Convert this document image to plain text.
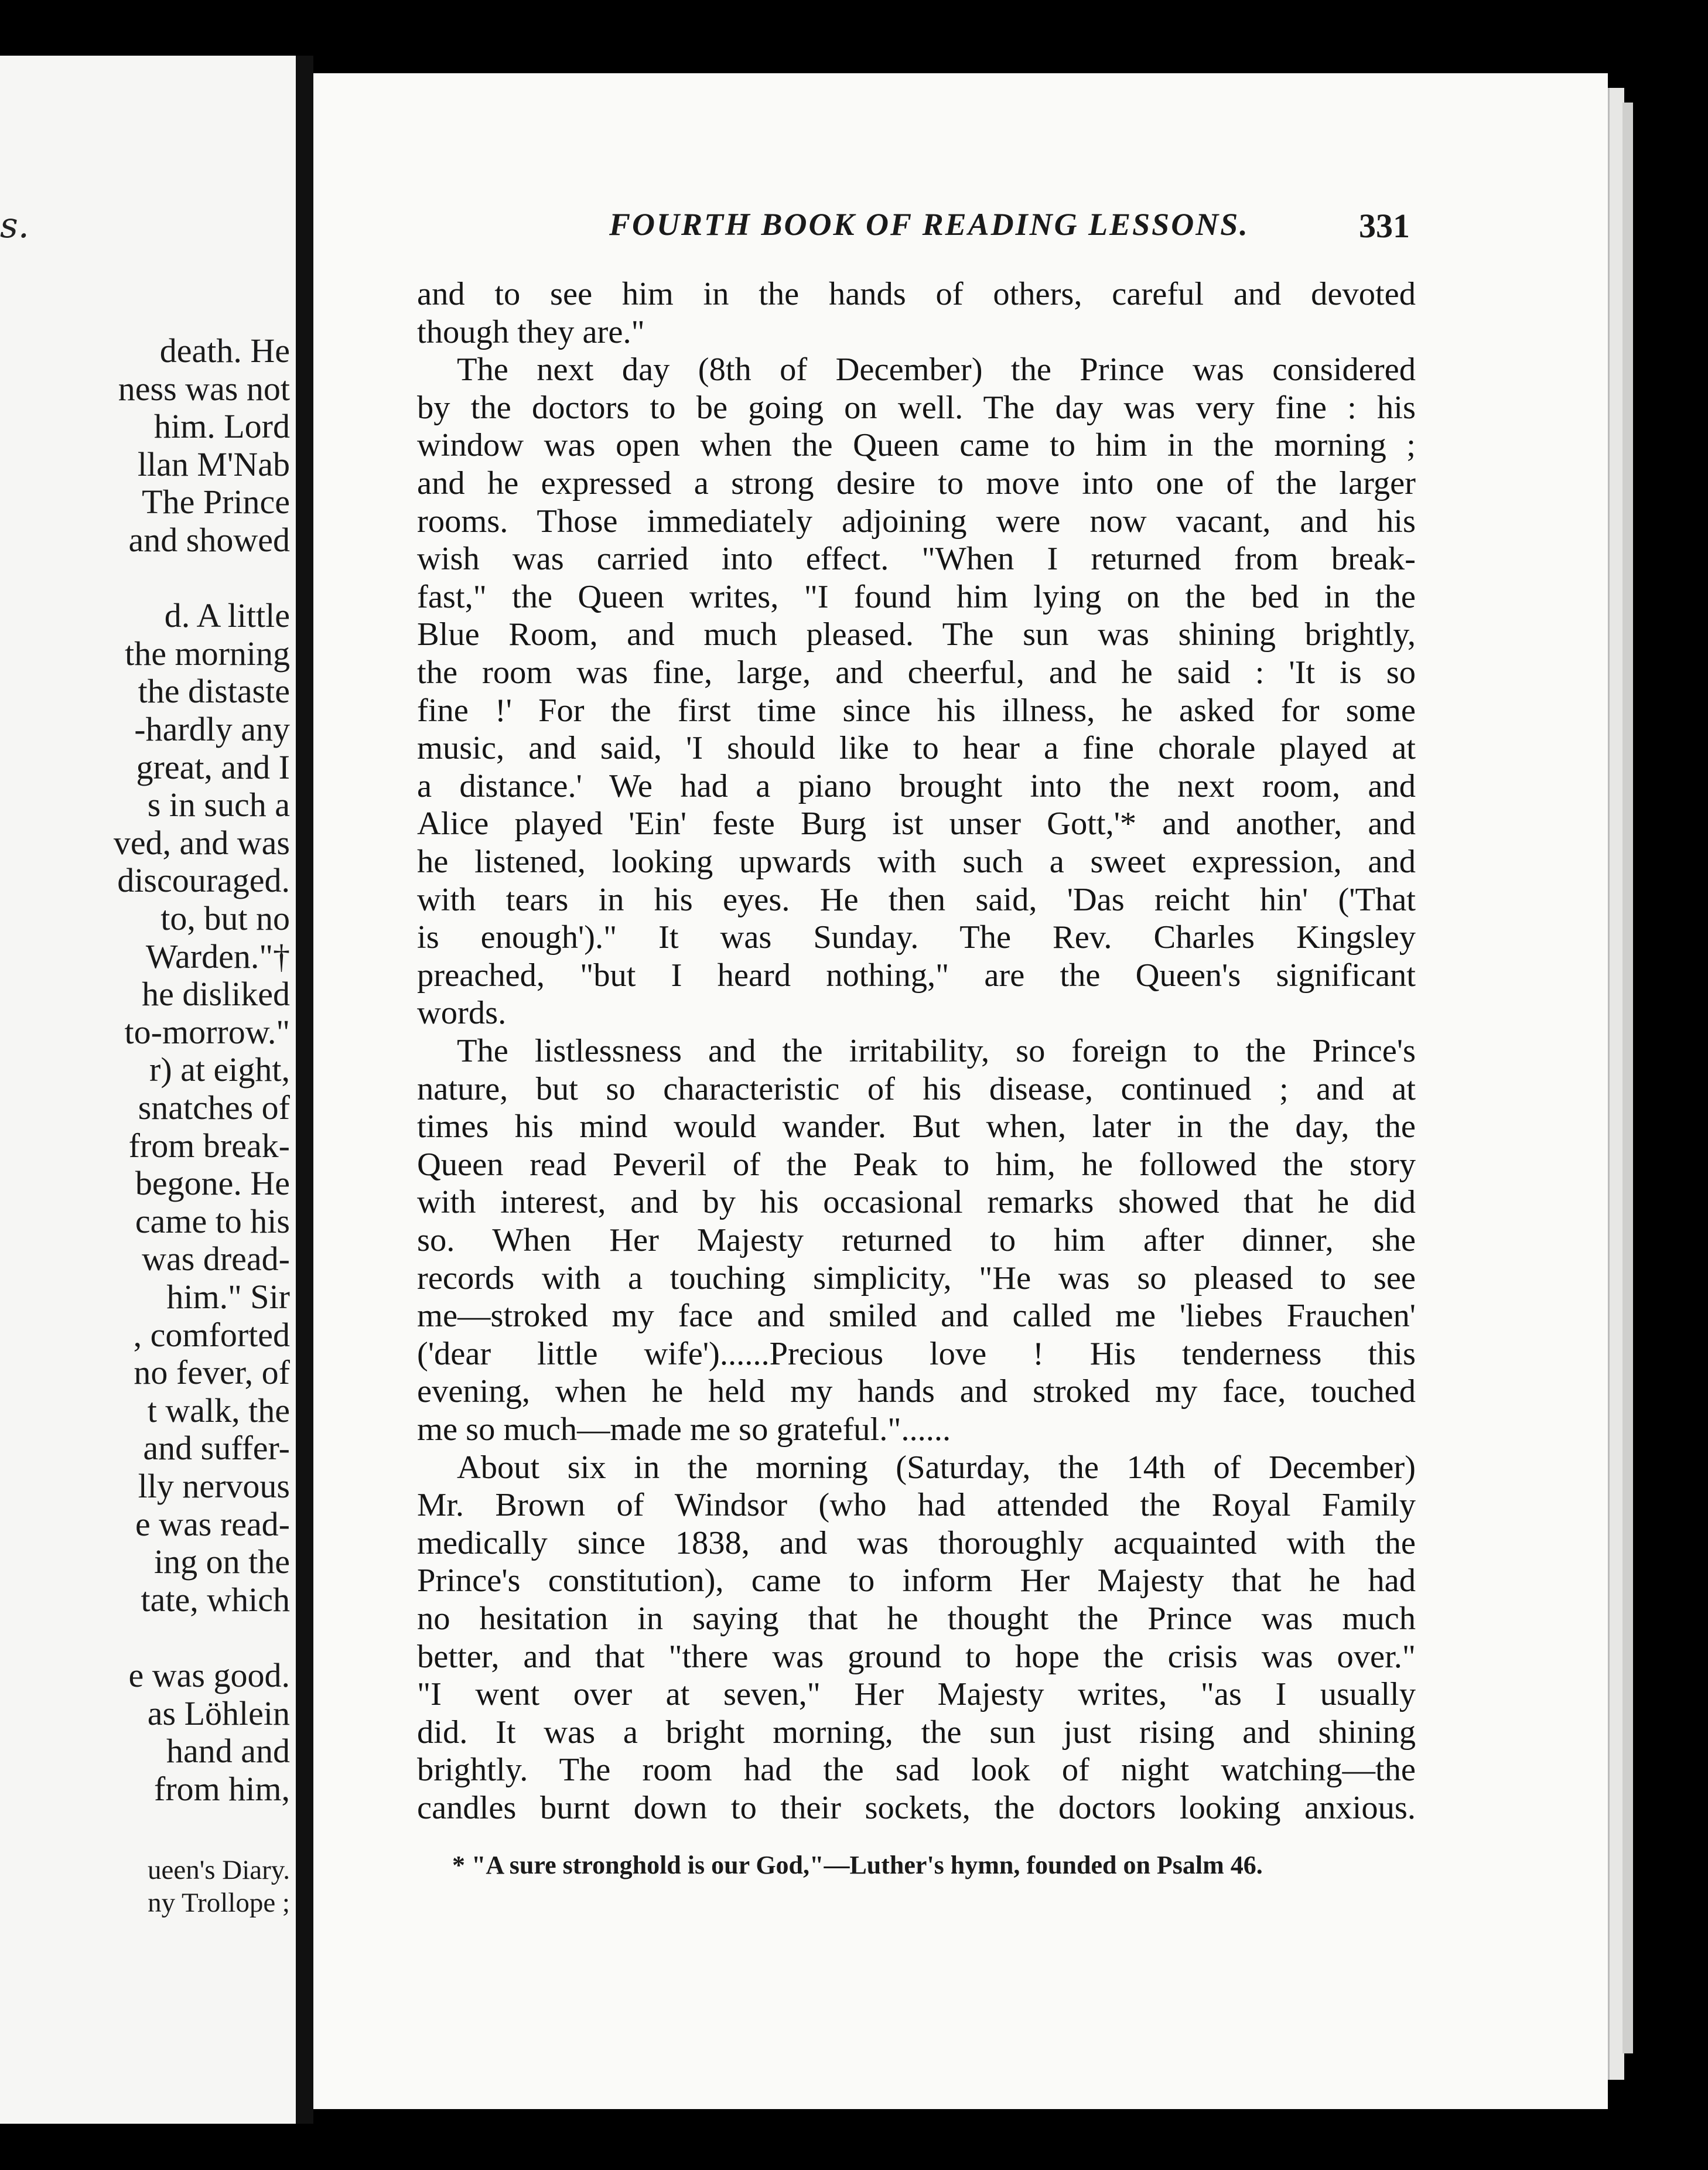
s.
death. He
ness was not
him. Lord
llan M'Nab
The Prince
and showed
d. A little
the morning
the distaste
-hardly any
great, and I
s in such a
ved, and was
discouraged.
to, but no
Warden."†
he disliked
to-morrow."
r) at eight,
snatches of
from break-
begone. He
came to his
was dread-
him." Sir
, comforted
no fever, of
t walk, the
and suffer-
lly nervous
e was read-
ing on the
tate, which
e was good.
as Löhlein
hand and
from him,
ueen's Diary.
ny Trollope ;
FOURTH BOOK OF READING LESSONS.	331
and to see him in the hands of others, careful and devoted
though they are."
The next day (8th of December) the Prince was considered
by the doctors to be going on well. The day was very fine : his
window was open when the Queen came to him in the morning ;
and he expressed a strong desire to move into one of the larger
rooms. Those immediately adjoining were now vacant, and his
wish was carried into effect. "When I returned from break-
fast," the Queen writes, "I found him lying on the bed in the
Blue Room, and much pleased. The sun was shining brightly,
the room was fine, large, and cheerful, and he said : 'It is so
fine !' For the first time since his illness, he asked for some
music, and said, 'I should like to hear a fine chorale played at
a distance.' We had a piano brought into the next room, and
Alice played 'Ein' feste Burg ist unser Gott,'* and another, and
he listened, looking upwards with such a sweet expression, and
with tears in his eyes. He then said, 'Das reicht hin' ('That
is enough')." It was Sunday. The Rev. Charles Kingsley
preached, "but I heard nothing," are the Queen's significant
words.
The listlessness and the irritability, so foreign to the Prince's
nature, but so characteristic of his disease, continued ; and at
times his mind would wander. But when, later in the day, the
Queen read Peveril of the Peak to him, he followed the story
with interest, and by his occasional remarks showed that he did
so. When Her Majesty returned to him after dinner, she
records with a touching simplicity, "He was so pleased to see
me—stroked my face and smiled and called me 'liebes Frauchen'
('dear little wife')......Precious love ! His tenderness this
evening, when he held my hands and stroked my face, touched
me so much—made me so grateful."......
About six in the morning (Saturday, the 14th of December)
Mr. Brown of Windsor (who had attended the Royal Family
medically since 1838, and was thoroughly acquainted with the
Prince's constitution), came to inform Her Majesty that he had
no hesitation in saying that he thought the Prince was much
better, and that "there was ground to hope the crisis was over."
"I went over at seven," Her Majesty writes, "as I usually
did. It was a bright morning, the sun just rising and shining
brightly. The room had the sad look of night watching—the
candles burnt down to their sockets, the doctors looking anxious.
* "A sure stronghold is our God,"—Luther's hymn, founded on Psalm 46.
